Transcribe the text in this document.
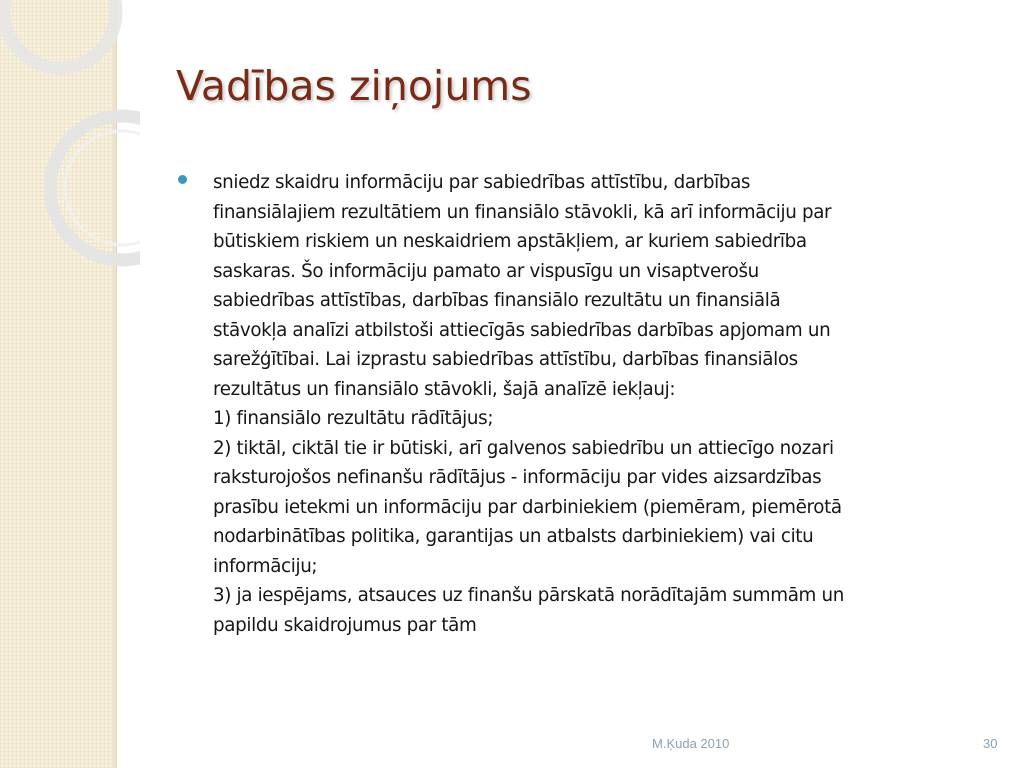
Vadības ziņojums

sniedz skaidru informāciju par sabiedrības attīstību, darbības
finansiālajiem rezultātiem un finansiālo stāvokli, kā arī informāciju par
būtiskiem riskiem un neskaidriem apstākļiem, ar kuriem sabiedrība
saskaras. Šo informāciju pamato ar vispusīgu un visaptverošu
sabiedrības attīstības, darbības finansiālo rezultātu un finansiālā
stāvokļa analīzi atbilstoši attiecīgās sabiedrības darbības apjomam un
sarežģītībai. Lai izprastu sabiedrības attīstību, darbības finansiālos
rezultātus un finansiālo stāvokli, šajā analīzē iekļauj:
1) finansiālo rezultātu rādītājus;
2) tiktāl, ciktāl tie ir būtiski, arī galvenos sabiedrību un attiecīgo nozari
raksturojošos nefinanšu rādītājus - informāciju par vides aizsardzības
prasību ietekmi un informāciju par darbiniekiem (piemēram, piemērotā
nodarbinātības politika, garantijas un atbalsts darbiniekiem) vai citu
informāciju;
3) ja iespējams, atsauces uz finanšu pārskatā norādītajām summām un
papildu skaidrojumus par tām

M.Ķuda 2010	30
